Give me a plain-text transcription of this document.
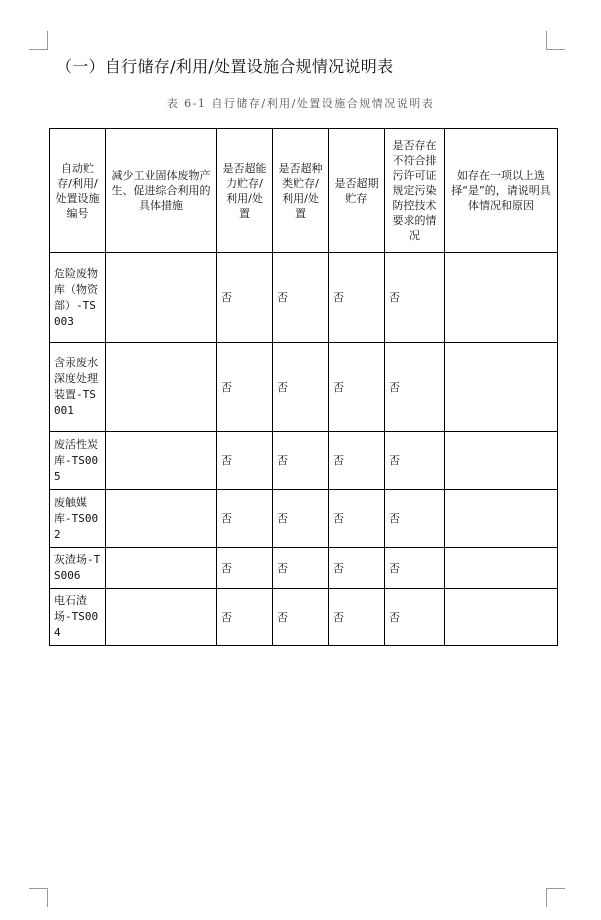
（一）自行储存/利用/处置设施合规情况说明表
表 6-1 自行储存/利用/处置设施合规情况说明表
自动贮存/利用/处置设施编号	减少工业固体废物产生、促进综合利用的具体措施	是否超能力贮存/利用/处置	是否超种类贮存/利用/处置	是否超期贮存	是否存在不符合排污许可证规定污染防控技术要求的情况	如存在一项以上选择“是”的，请说明具体情况和原因
危险废物库（物资部）-TS003		否	否	否	否	
含汞废水深度处理装置-TS001		否	否	否	否	
废活性炭库-TS005		否	否	否	否	
废触媒库-TS002		否	否	否	否	
灰渣场-TS006		否	否	否	否	
电石渣场-TS004		否	否	否	否	
